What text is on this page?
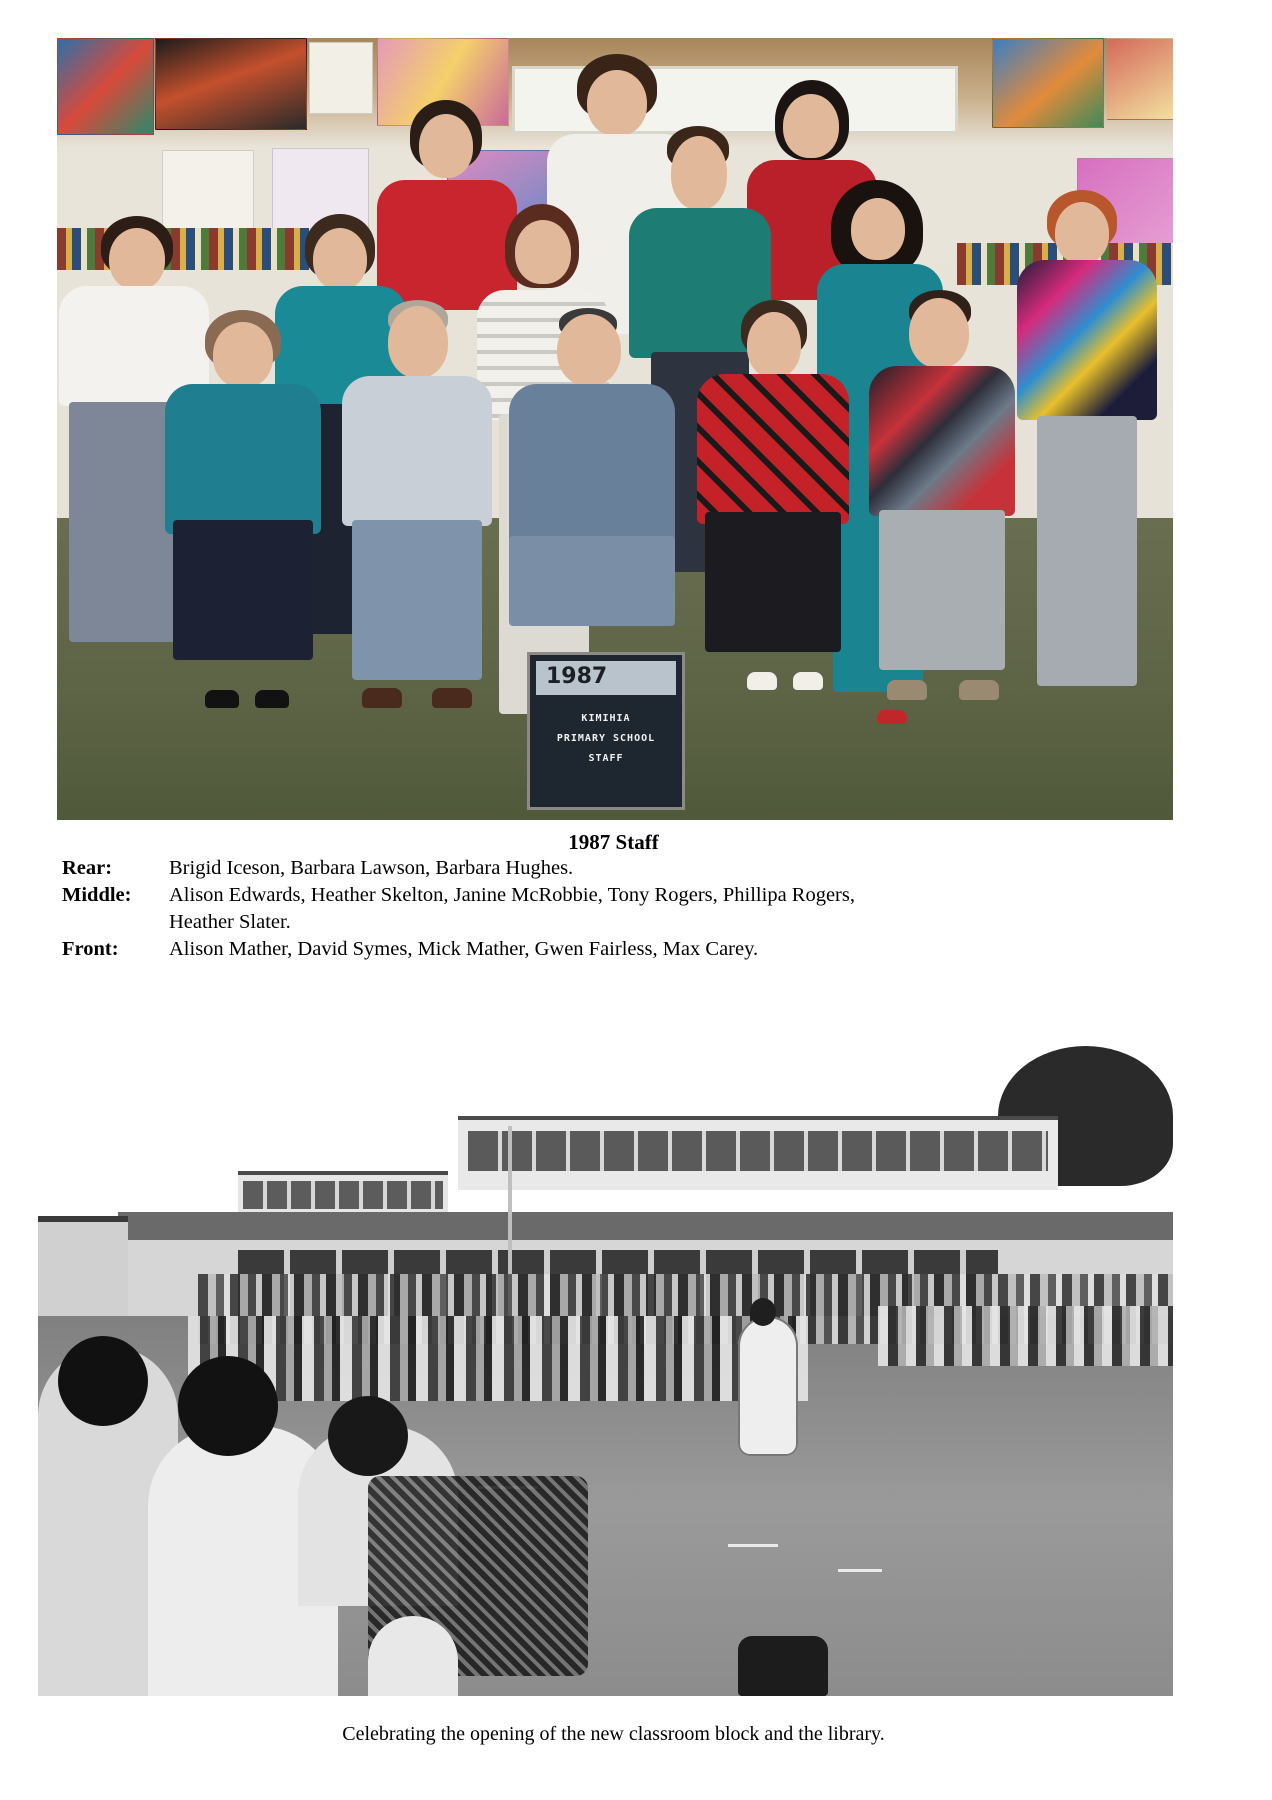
1987
KIMIHIA
PRIMARY SCHOOL
STAFF
1987 Staff
Rear:	Brigid Iceson, Barbara Lawson, Barbara Hughes.
Middle: Alison Edwards, Heather Skelton, Janine McRobbie, Tony Rogers, Phillipa Rogers,
Heather Slater.
Front: Alison Mather, David Symes, Mick Mather, Gwen Fairless, Max Carey.
Celebrating the opening of the new classroom block and the library.
